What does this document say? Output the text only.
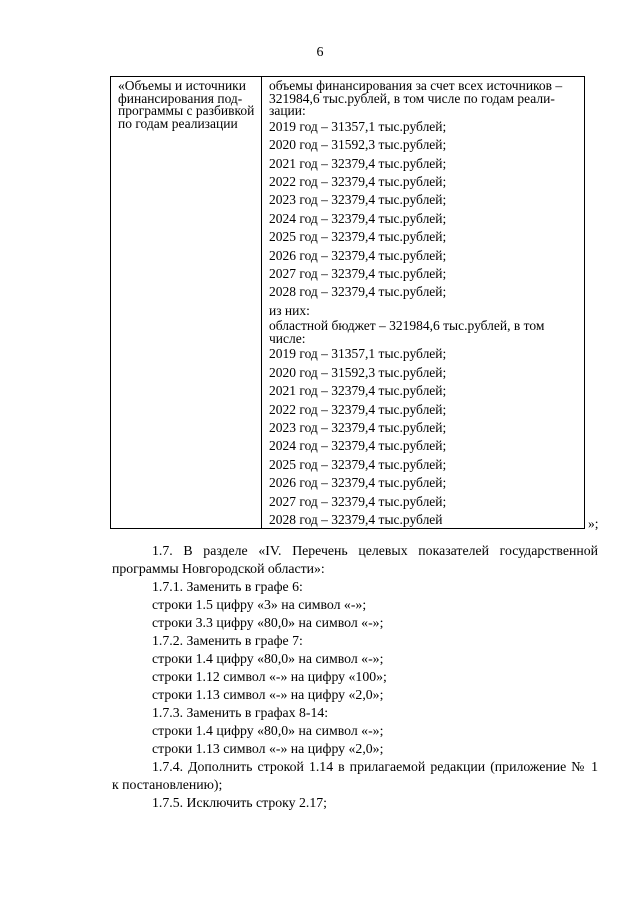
6
«Объемы и источники финансирования под-программы с разбивкой по годам реализации
объемы финансирования за счет всех источников – 321984,6 тыс.рублей, в том числе по годам реали-зации:
2019 год – 31357,1 тыс.рублей;
2020 год – 31592,3 тыс.рублей;
2021 год – 32379,4 тыс.рублей;
2022 год – 32379,4 тыс.рублей;
2023 год – 32379,4 тыс.рублей;
2024 год – 32379,4 тыс.рублей;
2025 год – 32379,4 тыс.рублей;
2026 год – 32379,4 тыс.рублей;
2027 год – 32379,4 тыс.рублей;
2028 год – 32379,4 тыс.рублей;
из них:
областной бюджет – 321984,6 тыс.рублей, в том числе:
2019 год – 31357,1 тыс.рублей;
2020 год – 31592,3 тыс.рублей;
2021 год – 32379,4 тыс.рублей;
2022 год – 32379,4 тыс.рублей;
2023 год – 32379,4 тыс.рублей;
2024 год – 32379,4 тыс.рублей;
2025 год – 32379,4 тыс.рублей;
2026 год – 32379,4 тыс.рублей;
2027 год – 32379,4 тыс.рублей;
2028 год – 32379,4 тыс.рублей	»;
1.7. В разделе «IV. Перечень целевых показателей государственной
программы Новгородской области»:
1.7.1. Заменить в графе 6:
строки 1.5 цифру «3» на символ «-»;
строки 3.3 цифру «80,0» на символ «-»;
1.7.2. Заменить в графе 7:
строки 1.4 цифру «80,0» на символ «-»;
строки 1.12 символ «-» на цифру «100»;
строки 1.13 символ «-» на цифру «2,0»;
1.7.3. Заменить в графах 8-14:
строки 1.4 цифру «80,0» на символ «-»;
строки 1.13 символ «-» на цифру «2,0»;
1.7.4. Дополнить строкой 1.14 в прилагаемой редакции (приложение № 1
к постановлению);
1.7.5. Исключить строку 2.17;
